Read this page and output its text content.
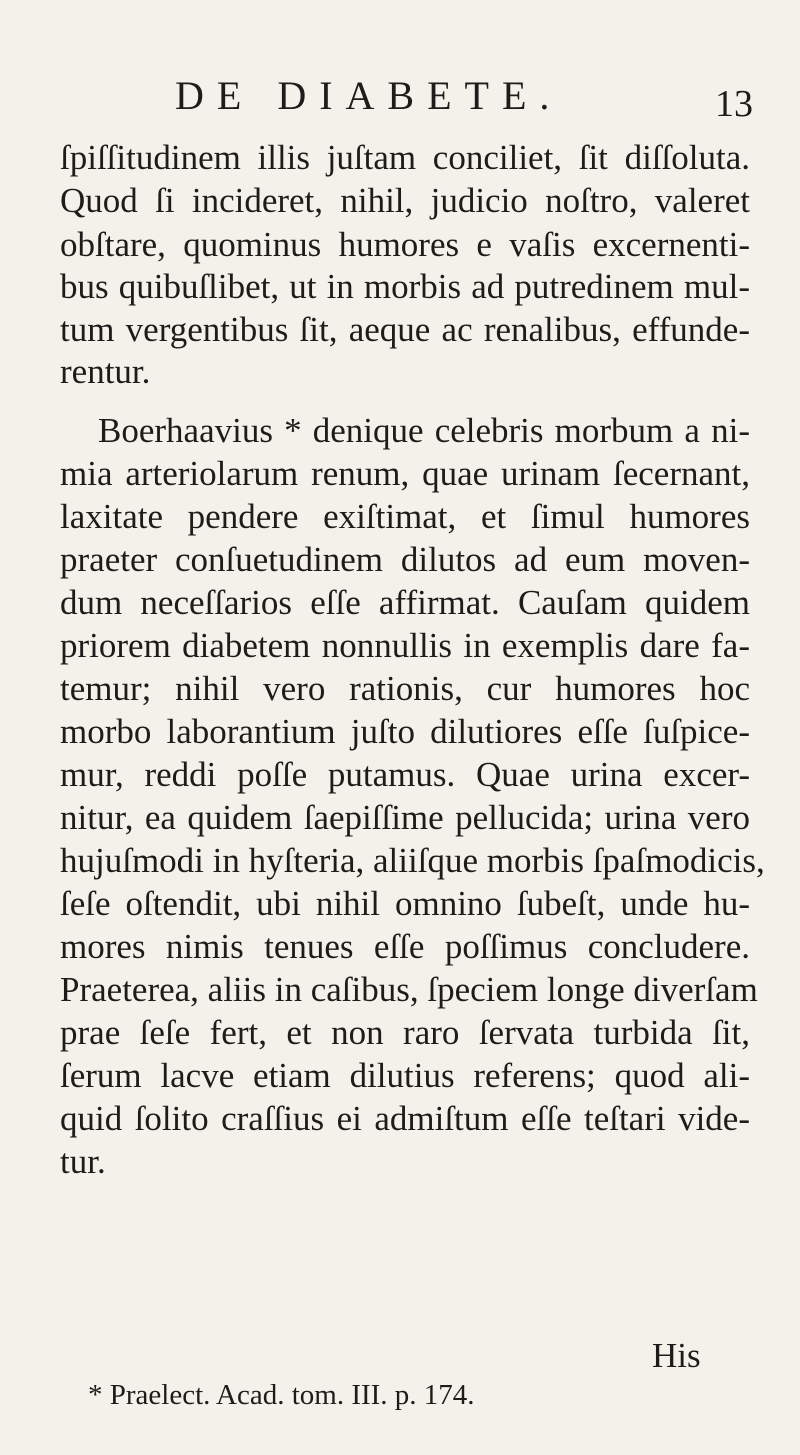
DE DIABETE.	13
ſpiſſitudinem illis juſtam conciliet, ſit diſſoluta.
Quod ſi incideret, nihil, judicio noſtro, valeret
obſtare, quominus humores e vaſis excernenti-
bus quibuſlibet, ut in morbis ad putredinem mul-
tum vergentibus ſit, aeque ac renalibus, effunde-
rentur.
Boerhaavius * denique celebris morbum a ni-
mia arteriolarum renum, quae urinam ſecernant,
laxitate pendere exiſtimat, et ſimul humores
praeter conſuetudinem dilutos ad eum moven-
dum neceſſarios eſſe affirmat. Cauſam quidem
priorem diabetem nonnullis in exemplis dare fa-
temur; nihil vero rationis, cur humores hoc
morbo laborantium juſto dilutiores eſſe ſuſpice-
mur, reddi poſſe putamus. Quae urina excer-
nitur, ea quidem ſaepiſſime pellucida; urina vero
hujuſmodi in hyſteria, aliiſque morbis ſpaſmodicis,
ſeſe oſtendit, ubi nihil omnino ſubeſt, unde hu-
mores nimis tenues eſſe poſſimus concludere.
Praeterea, aliis in caſibus, ſpeciem longe diverſam
prae ſeſe fert, et non raro ſervata turbida ſit,
ſerum lacve etiam dilutius referens; quod ali-
quid ſolito craſſius ei admiſtum eſſe teſtari vide-
tur.
His
* Praelect. Acad. tom. III. p. 174.
